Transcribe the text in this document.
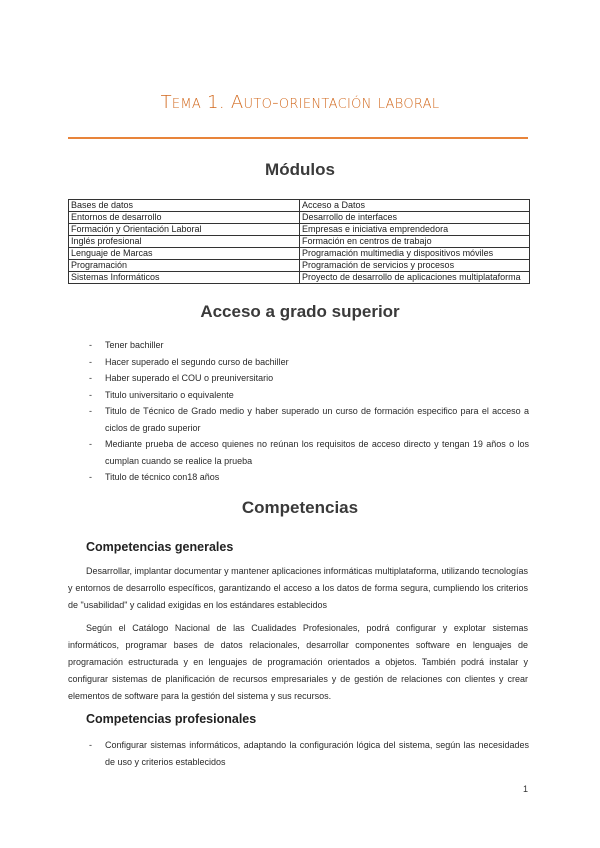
Tema 1. Auto-orientación laboral
Módulos
Bases de datos	Acceso a Datos
Entornos de desarrollo	Desarrollo de interfaces
Formación y Orientación Laboral	Empresas e iniciativa emprendedora
Inglés profesional	Formación en centros de trabajo
Lenguaje de Marcas	Programación multimedia y dispositivos móviles
Programación	Programación de servicios y procesos
Sistemas Informáticos	Proyecto de desarrollo de aplicaciones multiplataforma
Acceso a grado superior
- Tener bachiller
- Hacer superado el segundo curso de bachiller
- Haber superado el COU o preuniversitario
- Titulo universitario o equivalente
- Titulo de Técnico de Grado medio y haber superado un curso de formación especifico para el acceso a ciclos de grado superior
- Mediante prueba de acceso quienes no reúnan los requisitos de acceso directo y tengan 19 años o los cumplan cuando se realice la prueba
- Titulo de técnico con18 años
Competencias
Competencias generales

Desarrollar, implantar documentar y mantener aplicaciones informáticas multiplataforma, utilizando tecnologías y entornos de desarrollo específicos, garantizando el acceso a los datos de forma segura, cumpliendo los criterios de "usabilidad" y calidad exigidas en los estándares establecidos

Según el Catálogo Nacional de las Cualidades Profesionales, podrá configurar y explotar sistemas informáticos, programar bases de datos relacionales, desarrollar componentes software en lenguajes de programación estructurada y en lenguajes de programación orientados a objetos. También podrá instalar y configurar sistemas de planificación de recursos empresariales y de gestión de relaciones con clientes y crear elementos de software para la gestión del sistema y sus recursos.

Competencias profesionales
- Configurar sistemas informáticos, adaptando la configuración lógica del sistema, según las necesidades de uso y criterios establecidos
1
